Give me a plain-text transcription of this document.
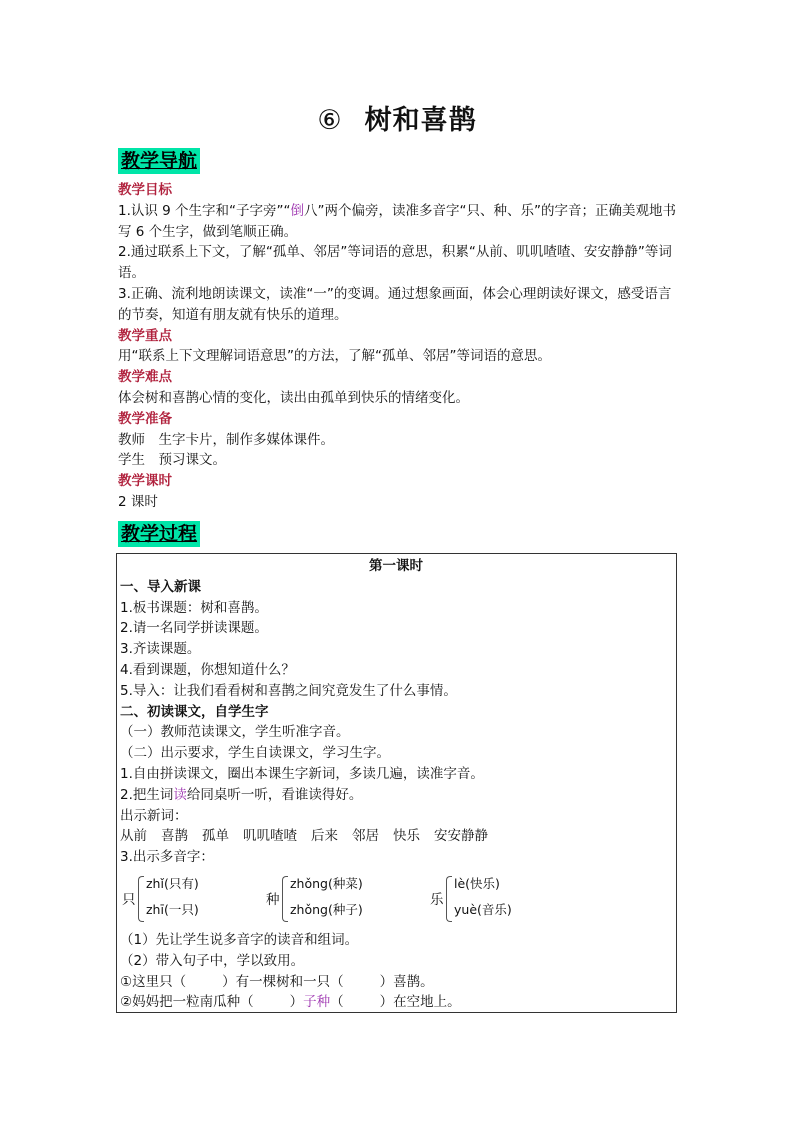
⑥ 树和喜鹊
教学导航
教学目标

1.认识 9 个生字和“子字旁”“倒八”两个偏旁，读准多音字“只、种、乐”的字音；正确美观地书写 6 个生字，做到笔顺正确。

2.通过联系上下文，了解“孤单、邻居”等词语的意思，积累“从前、叽叽喳喳、安安静静”等词语。

3.正确、流利地朗读课文，读准“一”的变调。通过想象画面，体会心理朗读好课文，感受语言的节奏，知道有朋友就有快乐的道理。

教学重点

用“联系上下文理解词语意思”的方法，了解“孤单、邻居”等词语的意思。

教学难点

体会树和喜鹊心情的变化，读出由孤单到快乐的情绪变化。

教学准备

教师　生字卡片，制作多媒体课件。

学生　预习课文。

教学课时

2 课时

教学过程
第一课时
一、导入新课

1.板书课题：树和喜鹊。

2.请一名同学拼读课题。

3.齐读课题。

4.看到课题，你想知道什么？

5.导入：让我们看看树和喜鹊之间究竟发生了什么事情。

二、初读课文，自学生字

（一）教师范读课文，学生听准字音。

（二）出示要求，学生自读课文，学习生字。

1.自由拼读课文，圈出本课生字新词，多读几遍，读准字音。

2.把生词读给同桌听一听，看谁读得好。

出示新词：

从前 喜鹊 孤单 叽叽喳喳 后来 邻居 快乐 安安静静

3.出示多音字：

只
zhǐ(只有)
zhī(一只)
种
zhǒng(种菜)
zhǒng(种子)
乐
lè(快乐)
yuè(音乐)

（1）先让学生说多音字的读音和组词。

（2）带入句子中，学以致用。

①这里只（	）有一棵树和一只（	）喜鹊。

②妈妈把一粒南瓜种（	）子种（	）在空地上。
